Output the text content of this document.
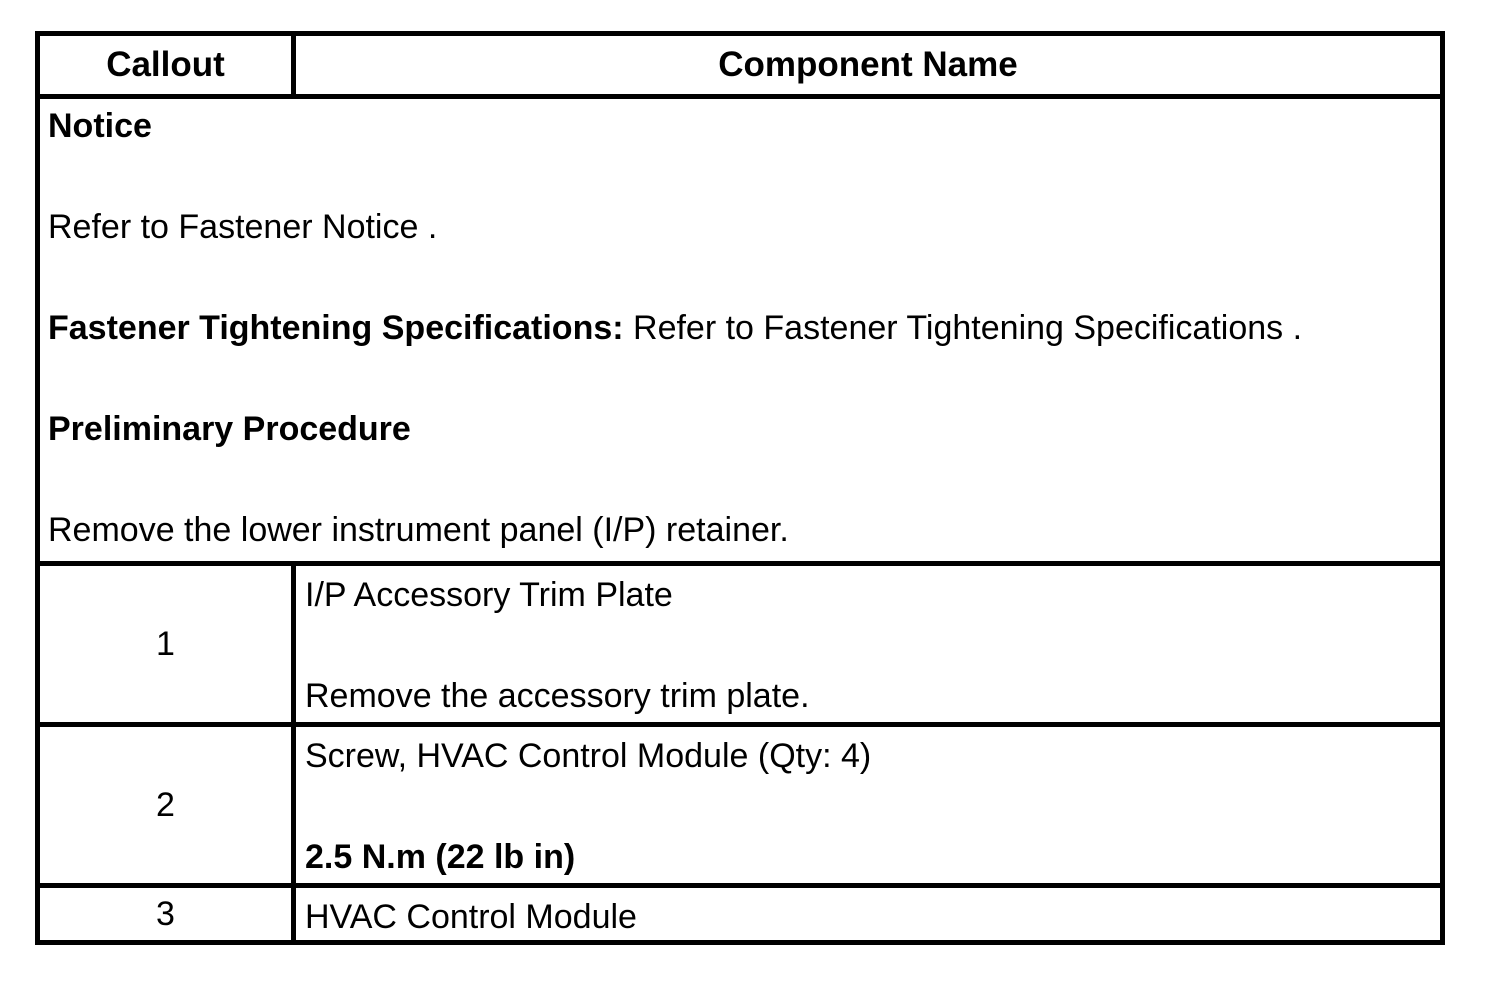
Callout	Component Name

Notice

Refer to Fastener Notice .

Fastener Tightening Specifications: Refer to Fastener Tightening Specifications .

Preliminary Procedure

Remove the lower instrument panel (I/P) retainer.

1

I/P Accessory Trim Plate

Remove the accessory trim plate.

2

Screw, HVAC Control Module (Qty: 4)

2.5 N.m (22 lb in)

3	HVAC Control Module
